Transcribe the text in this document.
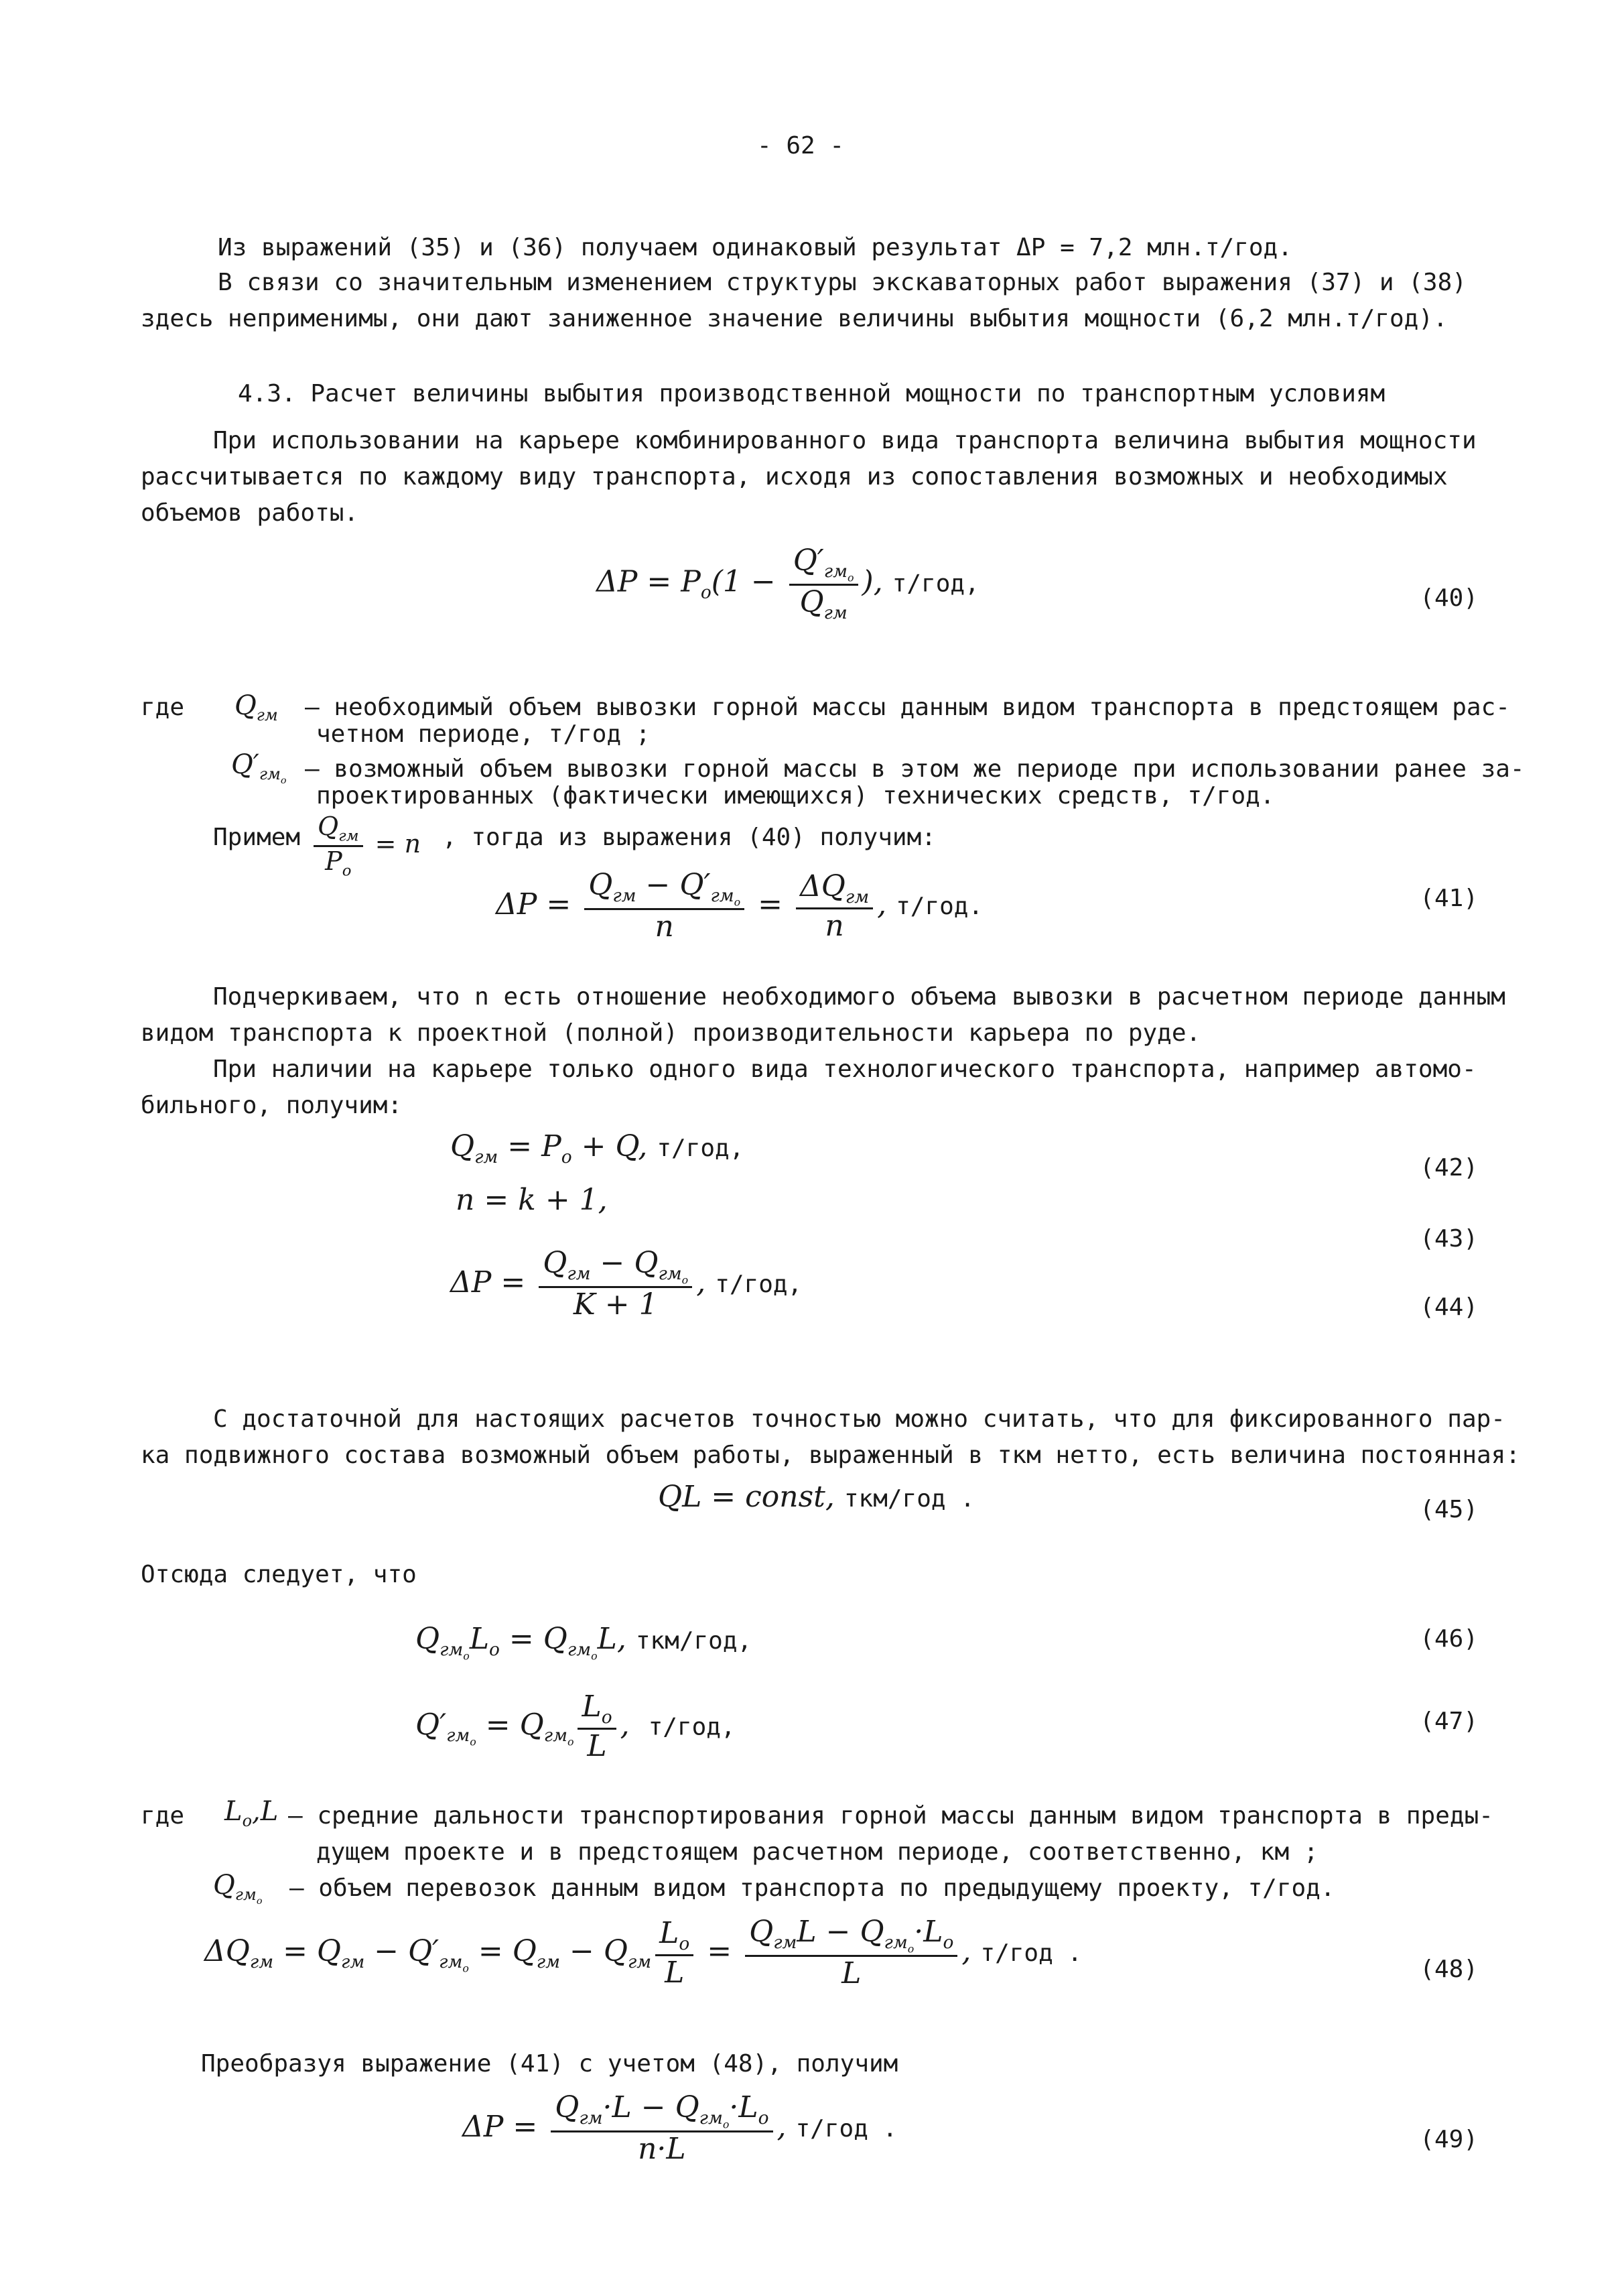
- 62 -
Из выражений (35) и (36) получаем одинаковый результат ΔP = 7,2 млн.т/год.
В связи со значительным изменением структуры экскаваторных работ выражения (37) и (38)
здесь неприменимы, они дают заниженное значение величины выбытия мощности (6,2 млн.т/год).
4.3. Расчет величины выбытия производственной мощности по транспортным условиям
При использовании на карьере комбинированного вида транспорта величина выбытия мощности
рассчитывается по каждому виду транспорта, исходя из сопоставления возможных и необходимых
объемов работы.
$\Delta P = P_o(1 - \frac{Q'_{гм_o}}{Q_{гм}}$ ), т/год,
(40)
где $Q_{гм}$ – необходимый объем вывозки горной массы данным видом транспорта в предстоящем рас-
четном периоде, т/год ;
$Q'_{гм_o}$ – возможный объем вывозки горной массы в этом же периоде при использовании ранее за-
проектированных (фактически имеющихся) технических средств, т/год.
Примем $\frac{Q_{гм}}{P_o} = n$ , тогда из выражения (40) получим:
$\Delta P = \frac{Q_{гм} - Q'_{гм_o}}{n} = \frac{\Delta Q_{гм}}{n}$ , т/год.	(41)
Подчеркиваем, что n есть отношение необходимого объема вывозки в расчетном периоде данным
видом транспорта к проектной (полной) производительности карьера по руде.
При наличии на карьере только одного вида технологического транспорта, например автомо-
бильного, получим:
$Q_{гм} = P_o + Q$, т/год,
(42)
n = k + 1,
(43)
$\Delta P = \frac{Q_{гм} - Q_{гм_o}}{K + 1}$ , т/год,
(44)
С достаточной для настоящих расчетов точностью можно считать, что для фиксированного пар-
ка подвижного состава возможный объем работы, выраженный в ткм нетто, есть величина постоянная:
QL = const, ткм/год .	(45)
Отсюда следует, что
$Q_{гм_o}L_o = Q_{гм_o}L$, ткм/год,	(46)
$Q'_{гм_o} = Q_{гм_o} \frac{L_o}{L}$ ,  т/год,	(47)
где $L_o,L$ – средние дальности транспортирования горной массы данным видом транспорта в преды-
дущем проекте и в предстоящем расчетном периоде, соответственно, км ;
$Q_{гм_o}$ – объем перевозок данным видом транспорта по предыдущему проекту, т/год.
$\Delta Q_{гм} = Q_{гм} - Q'_{гм_o} = Q_{гм} - Q_{гм} \frac{L_o}{L} = \frac{Q_{гм}L - Q_{гм_o}\cdot L_o}{L}$ , т/год .
(48)
Преобразуя выражение (41) с учетом (48), получим
$\Delta P = \frac{Q_{гм}\cdot L - Q_{гм_o}\cdot L_o}{n\cdot L}$ , т/год .	(49)
